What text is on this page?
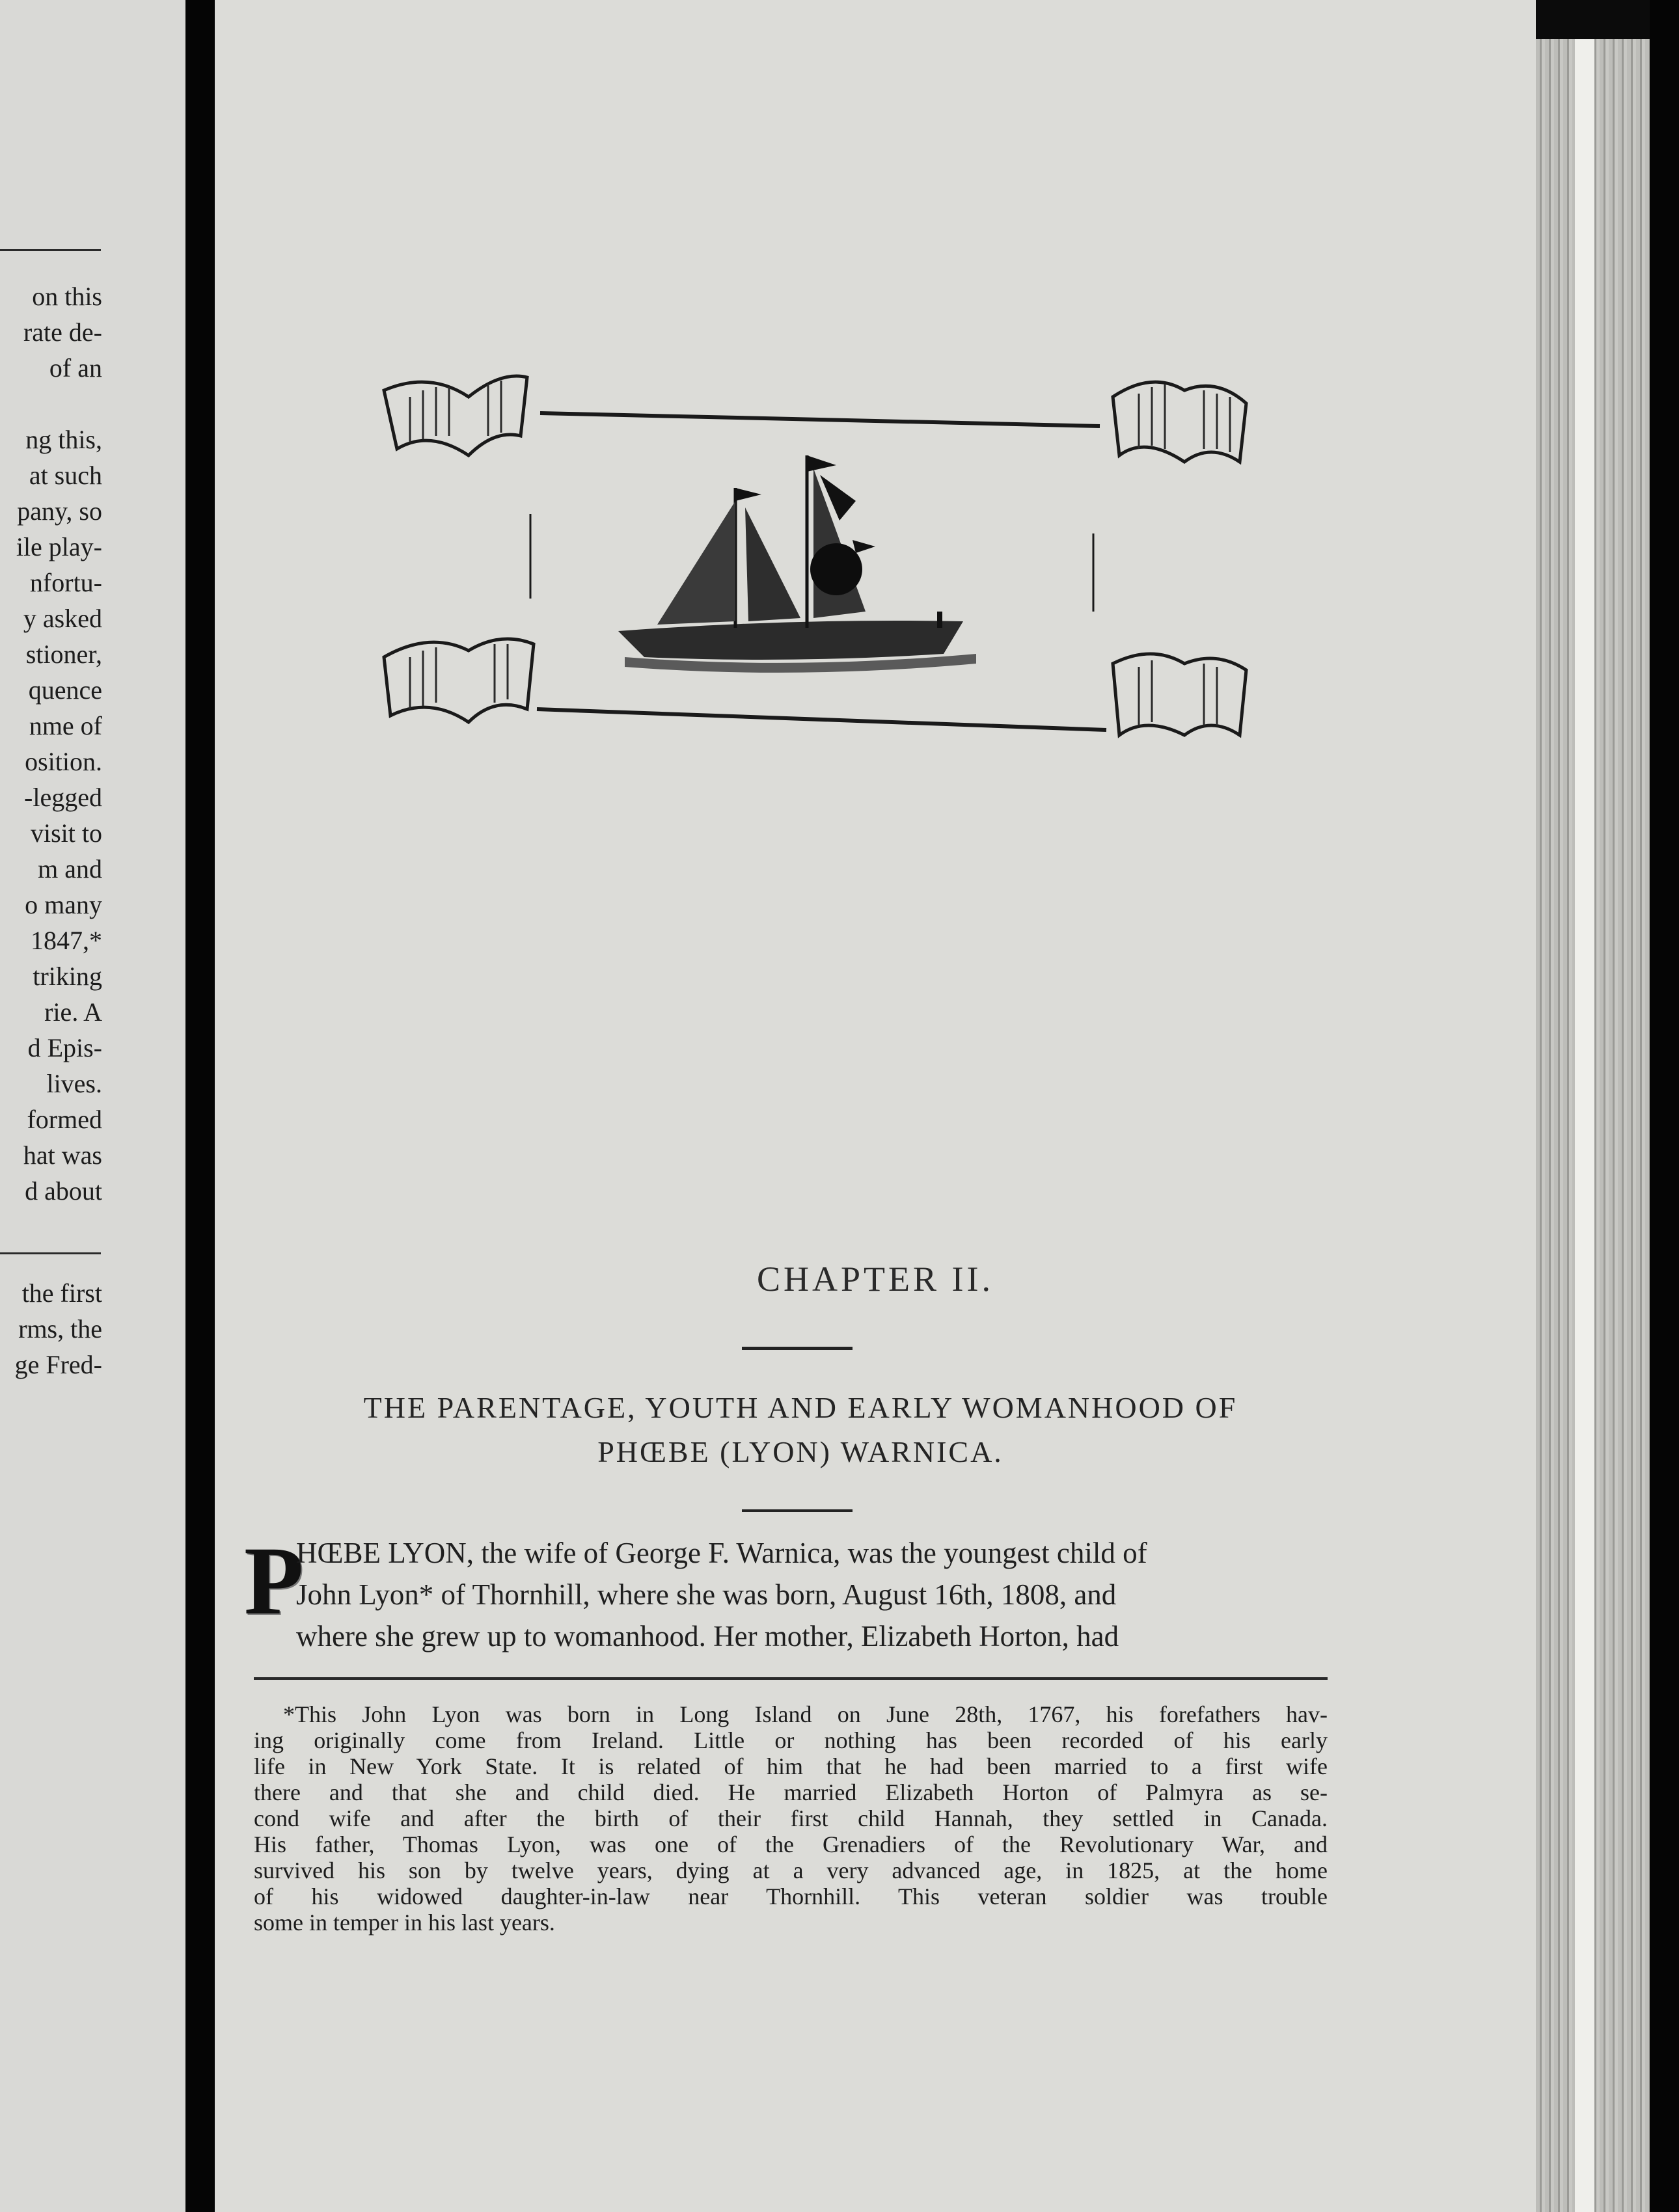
on this
rate de-
of an
ng this,
at such
pany, so
ile play-
nfortu-
y asked
stioner,
quence
nme of
osition.
-legged
visit to
m and
o many
1847,*
triking
rie. A
d Epis-
lives.
formed
hat was
d about
the first
rms, the
ge Fred-
CHAPTER II.
THE PARENTAGE, YOUTH AND EARLY WOMANHOOD OF
PHŒBE (LYON) WARNICA.
P
HŒBE LYON, the wife of George F. Warnica, was the youngest child of
John Lyon* of Thornhill, where she was born, August 16th, 1808, and
where she grew up to womanhood. Her mother, Elizabeth Horton, had
*This John Lyon was born in Long Island on June 28th, 1767, his forefathers hav-
ing originally come from Ireland. Little or nothing has been recorded of his early
life in New York State. It is related of him that he had been married to a first wife
there and that she and child died. He married Elizabeth Horton of Palmyra as se-
cond wife and after the birth of their first child Hannah, they settled in Canada.
His father, Thomas Lyon, was one of the Grenadiers of the Revolutionary War, and
survived his son by twelve years, dying at a very advanced age, in 1825, at the home
of his widowed daughter-in-law near Thornhill. This veteran soldier was trouble
some in temper in his last years.
